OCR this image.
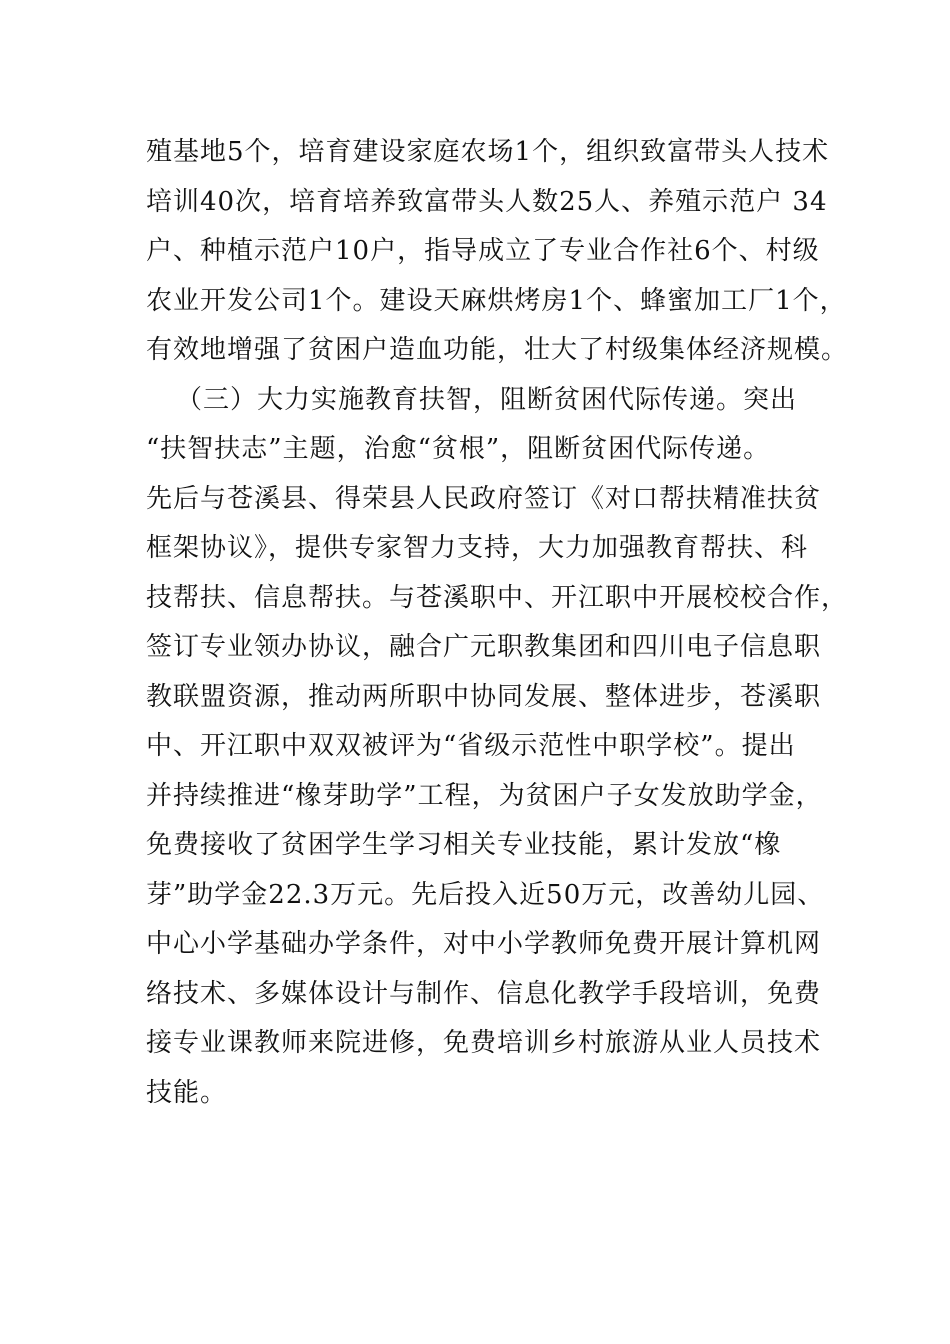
殖基地5个，培育建设家庭农场1个，组织致富带头人技术
培训40次，培育培养致富带头人数25人、养殖示范户 34
户、种植示范户10户，指导成立了专业合作社6个、村级
农业开发公司1个。建设天麻烘烤房1个、蜂蜜加工厂1个，
有效地增强了贫困户造血功能，壮大了村级集体经济规模。
（三）大力实施教育扶智，阻断贫困代际传递。突出
“扶智扶志”主题，治愈“贫根”，阻断贫困代际传递。
先后与苍溪县、得荣县人民政府签订《对口帮扶精准扶贫
框架协议》，提供专家智力支持，大力加强教育帮扶、科
技帮扶、信息帮扶。与苍溪职中、开江职中开展校校合作，
签订专业领办协议，融合广元职教集团和四川电子信息职
教联盟资源，推动两所职中协同发展、整体进步，苍溪职
中、开江职中双双被评为“省级示范性中职学校”。提出
并持续推进“橡芽助学”工程，为贫困户子女发放助学金，
免费接收了贫困学生学习相关专业技能，累计发放“橡
芽”助学金22.3万元。先后投入近50万元，改善幼儿园、
中心小学基础办学条件，对中小学教师免费开展计算机网
络技术、多媒体设计与制作、信息化教学手段培训，免费
接专业课教师来院进修，免费培训乡村旅游从业人员技术
技能。
